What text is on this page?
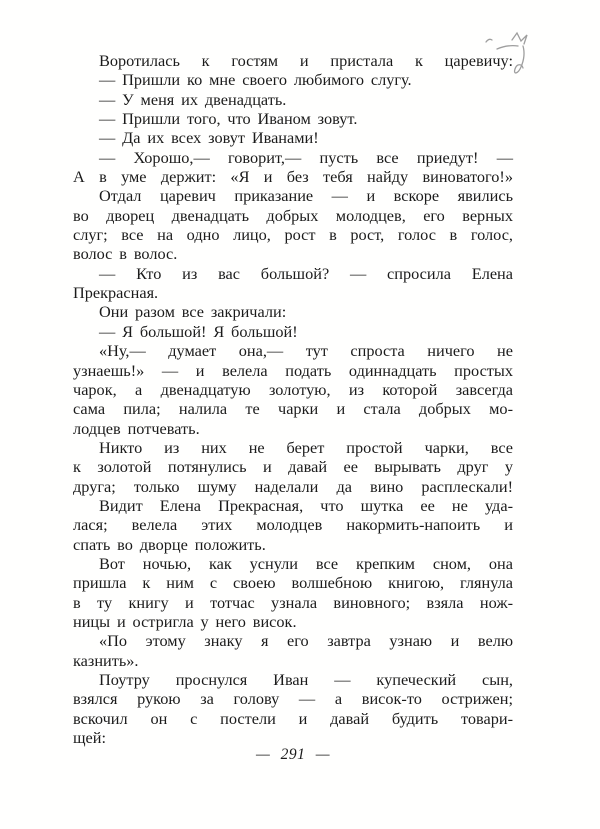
Воротилась к гостям и пристала к царевичу:
— Пришли ко мне своего любимого слугу.
— У меня их двенадцать.
— Пришли того, что Иваном зовут.
— Да их всех зовут Иванами!
— Хорошо,— говорит,— пусть все приедут! —
А в уме держит: «Я и без тебя найду виноватого!»
Отдал царевич приказание — и вскоре явились
во дворец двенадцать добрых молодцев, его верных
слуг; все на одно лицо, рост в рост, голос в голос,
волос в волос.
— Кто из вас большой? — спросила Елена
Прекрасная.
Они разом все закричали:
— Я большой! Я большой!
«Ну,— думает она,— тут спроста ничего не
узнаешь!» — и велела подать одиннадцать простых
чарок, а двенадцатую золотую, из которой завсегда
сама пила; налила те чарки и стала добрых мо-
лодцев потчевать.
Никто из них не берет простой чарки, все
к золотой потянулись и давай ее вырывать друг у
друга; только шуму наделали да вино расплескали!
Видит Елена Прекрасная, что шутка ее не уда-
лася; велела этих молодцев накормить-напоить и
спать во дворце положить.
Вот ночью, как уснули все крепким сном, она
пришла к ним с своею волшебною книгою, глянула
в ту книгу и тотчас узнала виновного; взяла нож-
ницы и остригла у него висок.
«По этому знаку я его завтра узнаю и велю
казнить».
Поутру проснулся Иван — купеческий сын,
взялся рукою за голову — а висок-то острижен;
вскочил он с постели и давай будить товари-
щей:
— 291 —
